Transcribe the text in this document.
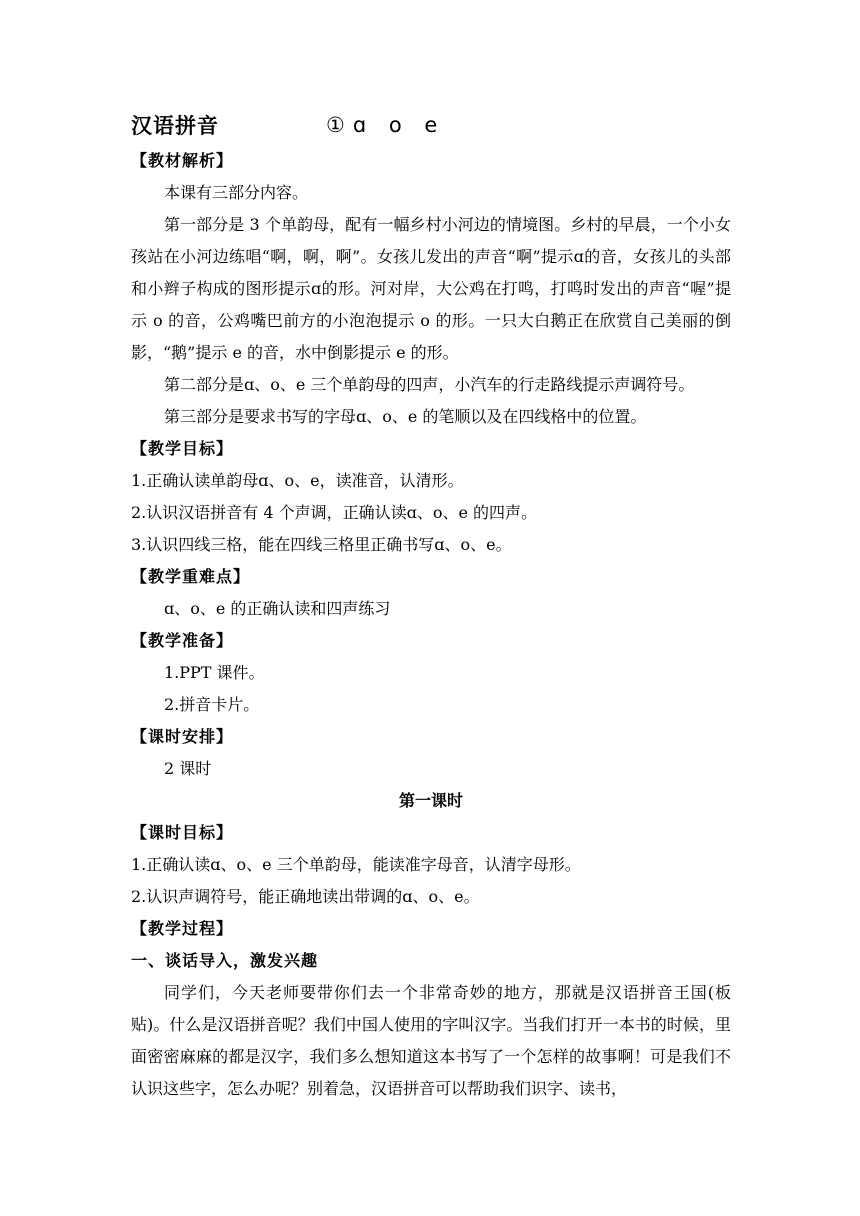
汉语拼音	① ɑ o e
【教材解析】

本课有三部分内容。

第一部分是 3 个单韵母，配有一幅乡村小河边的情境图。乡村的早晨，一个小女孩站在小河边练唱“啊，啊，啊”。女孩儿发出的声音“啊”提示ɑ的音，女孩儿的头部和小辫子构成的图形提示ɑ的形。河对岸，大公鸡在打鸣，打鸣时发出的声音“喔”提示 o 的音，公鸡嘴巴前方的小泡泡提示 o 的形。一只大白鹅正在欣赏自己美丽的倒影，“鹅”提示 e 的音，水中倒影提示 e 的形。

第二部分是ɑ、o、e 三个单韵母的四声，小汽车的行走路线提示声调符号。

第三部分是要求书写的字母ɑ、o、e 的笔顺以及在四线格中的位置。

【教学目标】
1.正确认读单韵母ɑ、o、e，读准音，认清形。
2.认识汉语拼音有 4 个声调，正确认读ɑ、o、e 的四声。
3.认识四线三格，能在四线三格里正确书写ɑ、o、e。
【教学重难点】
ɑ、o、e 的正确认读和四声练习
【教学准备】
1.PPT 课件。
2.拼音卡片。
【课时安排】
2 课时
第一课时
【课时目标】
1.正确认读ɑ、o、e 三个单韵母，能读准字母音，认清字母形。
2.认识声调符号，能正确地读出带调的ɑ、o、e。
【教学过程】
一、谈话导入，激发兴趣

同学们，今天老师要带你们去一个非常奇妙的地方，那就是汉语拼音王国(板贴)。什么是汉语拼音呢？我们中国人使用的字叫汉字。当我们打开一本书的时候，里面密密麻麻的都是汉字，我们多么想知道这本书写了一个怎样的故事啊！可是我们不认识这些字，怎么办呢？别着急，汉语拼音可以帮助我们识字、读书，
